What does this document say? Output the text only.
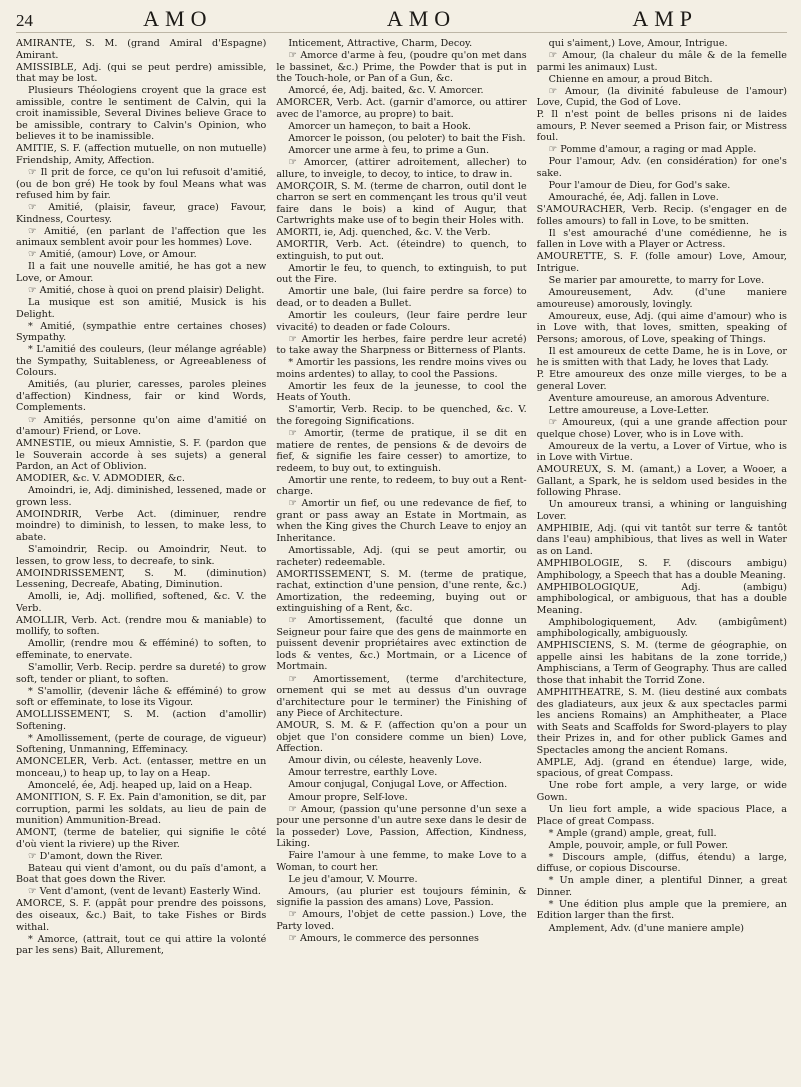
24	AMO	AMO	AMP

AMIRANTE, S. M. (grand Amiral d'Espagne) Amirant.

AMISSIBLE, Adj. (qui se peut perdre) amissible, that may be lost.

Plusieurs Théologiens croyent que la grace est amissible, contre le sentiment de Calvin, qui la croit inamissible, Several Divines believe Grace to be amissible, contrary to Calvin's Opinion, who believes it to be inamissible.

AMITIE, S. F. (affection mutuelle, on non mutuelle) Friendship, Amity, Affection.

☞ Il prit de force, ce qu'on lui refusoit d'amitié, (ou de bon gré) He took by foul Means what was refused him by fair.

☞ Amitié, (plaisir, faveur, grace) Favour, Kindness, Courtesy.

☞ Amitié, (en parlant de l'affection que les animaux semblent avoir pour les hommes) Love.

☞ Amitié, (amour) Love, or Amour.

Il a fait une nouvelle amitié, he has got a new Love, or Amour.

☞ Amitié, chose à quoi on prend plaisir) Delight.

La musique est son amitié, Musick is his Delight.

* Amitié, (sympathie entre certaines choses) Sympathy.

* L'amitié des couleurs, (leur mélange agréable) the Sympathy, Suitableness, or Agreeableness of Colours.

Amitiés, (au plurier, caresses, paroles pleines d'affection) Kindness, fair or kind Words, Complements.

☞ Amitiés, personne qu'on aime d'amitié on d'amour) Friend, or Love.

AMNESTIE, ou mieux Amnistie, S. F. (pardon que le Souverain accorde à ses sujets) a general Pardon, an Act of Oblivion.

AMODIER, &c. V. ADMODIER, &c.

Amoindri, ie, Adj. diminished, lessened, made or grown less.

AMOINDRIR, Verbe Act. (diminuer, rendre moindre) to diminish, to lessen, to make less, to abate.

S'amoindrir, Recip. ou Amoindrir, Neut. to lessen, to grow less, to decreafe, to sink.

AMOINDRISSEMENT, S. M. (diminution) Lessening, Decreafe, Abating, Diminution.

Amolli, ie, Adj. mollified, softened, &c. V. the Verb.

AMOLLIR, Verb. Act. (rendre mou & maniable) to mollify, to soften.

Amollir, (rendre mou & efféminé) to soften, to effeminate, to enervate.

S'amollir, Verb. Recip. perdre sa dureté) to grow soft, tender or pliant, to soften.

* S'amollir, (devenir lâche & efféminé) to grow soft or effeminate, to lose its Vigour.

AMOLLISSEMENT, S. M. (action d'amollir) Softening.

* Amollissement, (perte de courage, de vigueur) Softening, Unmanning, Effeminacy.

AMONCELER, Verb. Act. (entasser, mettre en un monceau,) to heap up, to lay on a Heap.

Amoncelé, ée, Adj. heaped up, laid on a Heap.

AMONITION, S. F. Ex. Pain d'amonition, se dit, par corruption, parmi les soldats, au lieu de pain de munition) Ammunition-Bread.

AMONT, (terme de batelier, qui signifie le côté d'où vient la riviere) up the River.

☞ D'amont, down the River.

Bateau qui vient d'amont, ou du païs d'amont, a Boat that goes down the River.

☞ Vent d'amont, (vent de levant) Easterly Wind.

AMORCE, S. F. (appât pour prendre des poissons, des oiseaux, &c.) Bait, to take Fishes or Birds withal.

* Amorce, (attrait, tout ce qui attire la volonté par les sens) Bait, Allurement,

Inticement, Attractive, Charm, Decoy.

☞ Amorce d'arme à feu, (poudre qu'on met dans le bassinet, &c.) Prime, the Powder that is put in the Touch-hole, or Pan of a Gun, &c.

Amorcé, ée, Adj. baited, &c. V. Amorcer.

AMORCER, Verb. Act. (garnir d'amorce, ou attirer avec de l'amorce, au propre) to bait.

Amorcer un hameçon, to bait a Hook.

Amorcer le poisson, (ou peloter) to bait the Fish.

Amorcer une arme à feu, to prime a Gun.

☞ Amorcer, (attirer adroitement, allecher) to allure, to inveigle, to decoy, to intice, to draw in.

AMORÇOIR, S. M. (terme de charron, outil dont le charron se sert en commençant les trous qu'il veut faire dans le bois) a kind of Augur, that Cartwrights make use of to begin their Holes with.

AMORTI, ie, Adj. quenched, &c. V. the Verb.

AMORTIR, Verb. Act. (éteindre) to quench, to extinguish, to put out.

Amortir le feu, to quench, to extinguish, to put out the Fire.

Amortir une bale, (lui faire perdre sa force) to dead, or to deaden a Bullet.

Amortir les couleurs, (leur faire perdre leur vivacité) to deaden or fade Colours.

☞ Amortir les herbes, faire perdre leur acreté) to take away the Sharpness or Bitterness of Plants.

* Amortir les passions, les rendre moins vives ou moins ardentes) to allay, to cool the Passions.

Amortir les feux de la jeunesse, to cool the Heats of Youth.

S'amortir, Verb. Recip. to be quenched, &c. V. the foregoing Significations.

☞ Amortir, (terme de pratique, il se dit en matiere de rentes, de pensions & de devoirs de fief, & signifie les faire cesser) to amortize, to redeem, to buy out, to extinguish.

Amortir une rente, to redeem, to buy out a Rent-charge.

☞ Amortir un fief, ou une redevance de fief, to grant or pass away an Estate in Mortmain, as when the King gives the Church Leave to enjoy an Inheritance.

Amortissable, Adj. (qui se peut amortir, ou racheter) redeemable.

AMORTISSEMENT, S. M. (terme de pratique, rachat, extinction d'une pension, d'une rente, &c.) Amortization, the redeeming, buying out or extinguishing of a Rent, &c.

☞ Amortissement, (faculté que donne un Seigneur pour faire que des gens de mainmorte en puissent devenir propriétaires avec extinction de lods & ventes, &c.) Mortmain, or a Licence of Mortmain.

☞ Amortissement, (terme d'architecture, ornement qui se met au dessus d'un ouvrage d'architecture pour le terminer) the Finishing of any Piece of Architecture.

AMOUR, S. M. & F. (affection qu'on a pour un objet que l'on considere comme un bien) Love, Affection.

Amour divin, ou céleste, heavenly Love.

Amour terrestre, earthly Love.

Amour conjugal, Conjugal Love, or Affection.

Amour propre, Self-love.

☞ Amour, (passion qu'une personne d'un sexe a pour une personne d'un autre sexe dans le desir de la posseder) Love, Passion, Affection, Kindness, Liking.

Faire l'amour à une femme, to make Love to a Woman, to court her.

Le jeu d'amour, V. Mourre.

Amours, (au plurier est toujours féminin, & signifie la passion des amans) Love, Passion.

☞ Amours, l'objet de cette passion.) Love, the Party loved.

☞ Amours, le commerce des personnes

qui s'aiment,) Love, Amour, Intrigue.

☞ Amour, (la chaleur du mâle & de la femelle parmi les animaux) Lust.

Chienne en amour, a proud Bitch.

☞ Amour, (la divinité fabuleuse de l'amour) Love, Cupid, the God of Love.

P. Il n'est point de belles prisons ni de laides amours, P. Never seemed a Prison fair, or Mistress foul.

☞ Pomme d'amour, a raging or mad Apple.

Pour l'amour, Adv. (en considération) for one's sake.

Pour l'amour de Dieu, for God's sake.

Amouraché, ée, Adj. fallen in Love.

S'AMOURACHER, Verb. Recip. (s'engager en de folles amours) to fall in Love, to be smitten.

Il s'est amouraché d'une comédienne, he is fallen in Love with a Player or Actress.

AMOURETTE, S. F. (folle amour) Love, Amour, Intrigue.

Se marier par amourette, to marry for Love.

Amoureusement, Adv. (d'une maniere amoureuse) amorously, lovingly.

Amoureux, euse, Adj. (qui aime d'amour) who is in Love with, that loves, smitten, speaking of Persons; amorous, of Love, speaking of Things.

Il est amoureux de cette Dame, he is in Love, or he is smitten with that Lady, he loves that Lady.

P. Etre amoureux des onze mille vierges, to be a general Lover.

Aventure amoureuse, an amorous Adventure.

Lettre amoureuse, a Love-Letter.

☞ Amoureux, (qui a une grande affection pour quelque chose) Lover, who is in Love with.

Amoureux de la vertu, a Lover of Virtue, who is in Love with Virtue.

AMOUREUX, S. M. (amant,) a Lover, a Wooer, a Gallant, a Spark, he is seldom used besides in the following Phrase.

Un amoureux transi, a whining or languishing Lover.

AMPHIBIE, Adj. (qui vit tantôt sur terre & tantôt dans l'eau) amphibious, that lives as well in Water as on Land.

AMPHIBOLOGIE, S. F. (discours ambigu) Amphibology, a Speech that has a double Meaning.

AMPHIBOLOGIQUE, Adj. (ambigu) amphibological, or ambiguous, that has a double Meaning.

Amphibologiquement, Adv. (ambigûment) amphibologically, ambiguously.

AMPHISCIENS, S. M. (terme de géographie, on appelle ainsi les habitans de la zone torride,) Amphiscians, a Term of Geography. Thus are called those that inhabit the Torrid Zone.

AMPHITHEATRE, S. M. (lieu destiné aux combats des gladiateurs, aux jeux & aux spectacles parmi les anciens Romains) an Amphitheater, a Place with Seats and Scaffolds for Sword-players to play their Prizes in, and for other publick Games and Spectacles among the ancient Romans.

AMPLE, Adj. (grand en étendue) large, wide, spacious, of great Compass.

Une robe fort ample, a very large, or wide Gown.

Un lieu fort ample, a wide spacious Place, a Place of great Compass.

* Ample (grand) ample, great, full.

Ample, pouvoir, ample, or full Power.

* Discours ample, (diffus, étendu) a large, diffuse, or copious Discourse.

* Un ample diner, a plentiful Dinner, a great Dinner.

* Une édition plus ample que la premiere, an Edition larger than the first.

Amplement, Adv. (d'une maniere ample)
